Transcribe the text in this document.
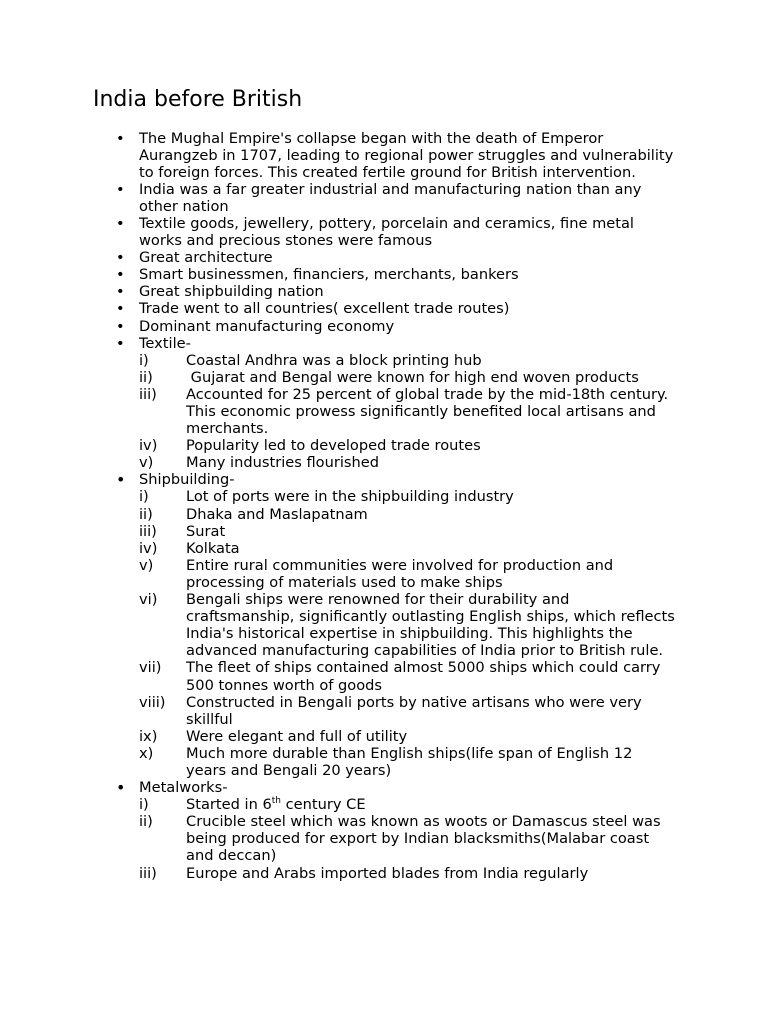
India before British
• The Mughal Empire's collapse began with the death of Emperor Aurangzeb in 1707, leading to regional power struggles and vulnerability to foreign forces. This created fertile ground for British intervention.
• India was a far greater industrial and manufacturing nation than any other nation
• Textile goods, jewellery, pottery, porcelain and ceramics, fine metal works and precious stones were famous
• Great architecture
• Smart businessmen, financiers, merchants, bankers
• Great shipbuilding nation
• Trade went to all countries( excellent trade routes)
• Dominant manufacturing economy
• Textile-
i)	Coastal Andhra was a block printing hub
ii)	Gujarat and Bengal were known for high end woven products
iii)	Accounted for 25 percent of global trade by the mid-18th century. This economic prowess significantly benefited local artisans and merchants.
iv)	Popularity led to developed trade routes
v)	Many industries flourished
• Shipbuilding-
i)	Lot of ports were in the shipbuilding industry
ii)	Dhaka and Maslapatnam
iii)	Surat
iv)	Kolkata
v)	Entire rural communities were involved for production and processing of materials used to make ships
vi)	Bengali ships were renowned for their durability and craftsmanship, significantly outlasting English ships, which reflects India's historical expertise in shipbuilding. This highlights the advanced manufacturing capabilities of India prior to British rule.
vii)	The fleet of ships contained almost 5000 ships which could carry 500 tonnes worth of goods
viii)	Constructed in Bengali ports by native artisans who were very skillful
ix)	Were elegant and full of utility
x)	Much more durable than English ships(life span of English 12 years and Bengali 20 years)
• Metalworks-
i)	Started in 6th century CE
ii)	Crucible steel which was known as woots or Damascus steel was being produced for export by Indian blacksmiths(Malabar coast and deccan)
iii)	Europe and Arabs imported blades from India regularly
